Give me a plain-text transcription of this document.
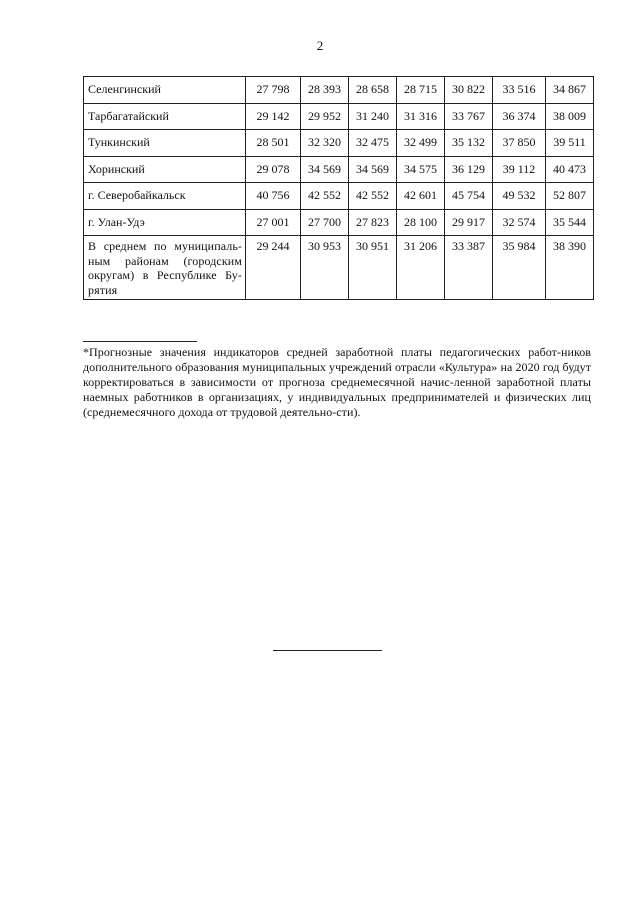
2
Селенгинский	27 798	28 393	28 658	28 715	30 822	33 516	34 867
Тарбагатайский	29 142	29 952	31 240	31 316	33 767	36 374	38 009
Тункинский	28 501	32 320	32 475	32 499	35 132	37 850	39 511
Хоринский	29 078	34 569	34 569	34 575	36 129	39 112	40 473
г. Северобайкальск	40 756	42 552	42 552	42 601	45 754	49 532	52 807
г. Улан-Удэ	27 001	27 700	27 823	28 100	29 917	32 574	35 544
В среднем по муниципаль-ным районам (городским округам) в Республике Бу-рятия	29 244	30 953	30 951	31 206	33 387	35 984	38 390
*Прогнозные значения индикаторов средней заработной платы педагогических работ-ников дополнительного образования муниципальных учреждений отрасли «Культура» на 2020 год будут корректироваться в зависимости от прогноза среднемесячной начис-ленной заработной платы наемных работников в организациях, у индивидуальных предпринимателей и физических лиц (среднемесячного дохода от трудовой деятельно-сти).
